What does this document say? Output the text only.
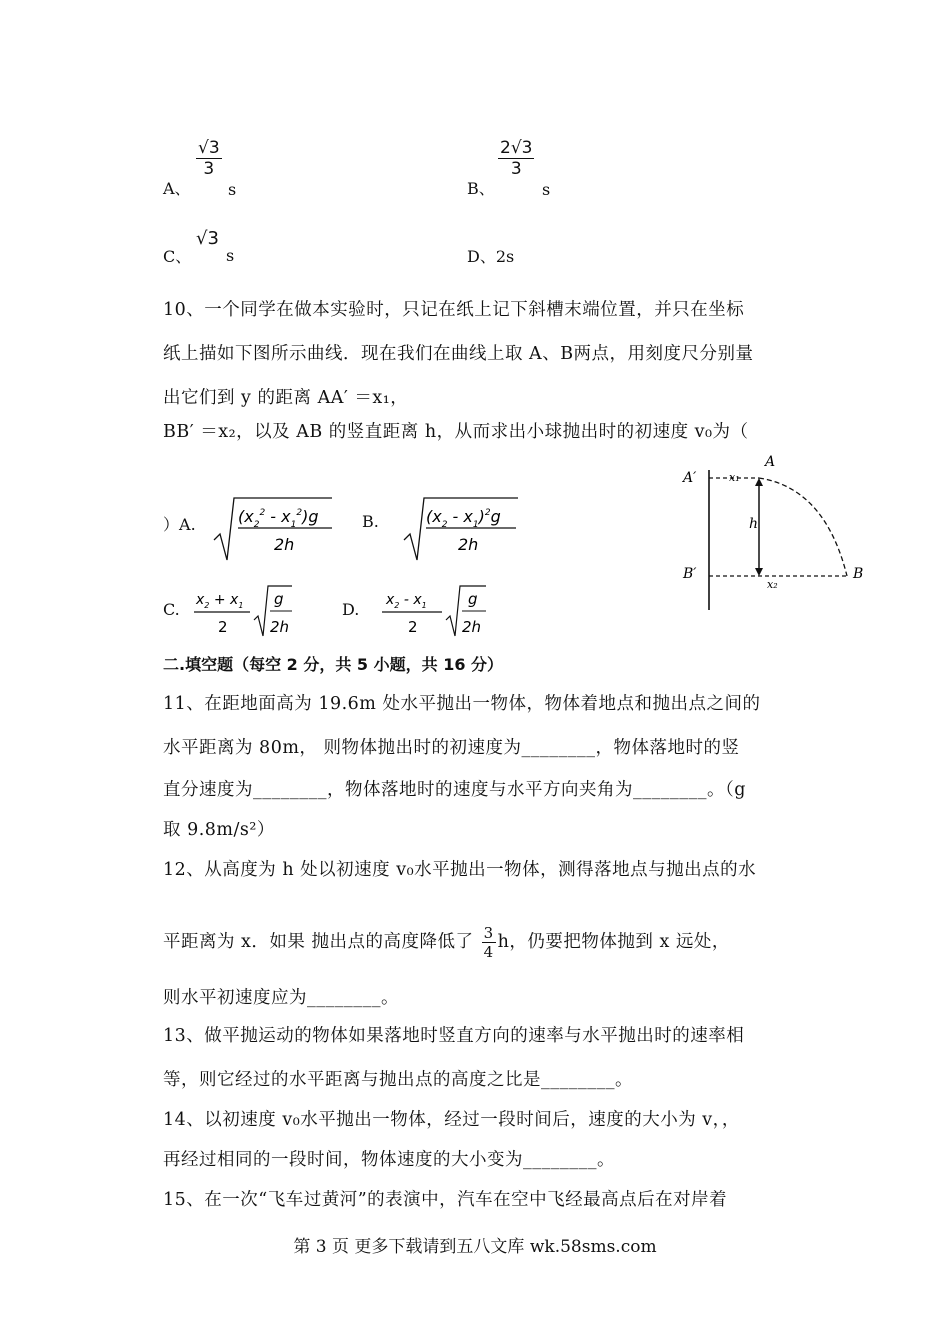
A、
$\frac{√3}{3}$
s	B、
$\frac{2√3}{3}$
s
C、
√3
s	D、2s
10、一个同学在做本实验时，只记在纸上记下斜槽末端位置，并只在坐标
纸上描如下图所示曲线．现在我们在曲线上取 A、B两点，用刻度尺分别量
出它们到 y 的距离 AA′ ＝x₁，
BB′ ＝x₂，以及 AB 的竖直距离 h，从而求出小球抛出时的初速度 v₀为（
）A.	$(x_2^2 - x_1^2)g$
2h
B.	$(x_2 - x_1)^2g$
2h
C. $x_2 + x_1$
2
g
2h
D. $x_2 - x_1$
2
g
2h
A′
B′
A
B
h
x₁
x₂
二.填空题（每空 2 分，共 5 小题，共 16 分）
11、在距地面高为 19.6m 处水平抛出一物体，物体着地点和抛出点之间的
水平距离为 80m， 则物体抛出时的初速度为________，物体落地时的竖
直分速度为________，物体落地时的速度与水平方向夹角为________。（g
取 9.8m/s²）
12、从高度为 h 处以初速度 v₀水平抛出一物体，测得落地点与抛出点的水
平距离为 x．如果 抛出点的高度降低了 $\frac{3}{4}$ h，仍要把物体抛到 x 远处，
则水平初速度应为________。
13、做平抛运动的物体如果落地时竖直方向的速率与水平抛出时的速率相
等，则它经过的水平距离与抛出点的高度之比是________。
14、以初速度 v₀水平抛出一物体，经过一段时间后，速度的大小为 v，，
再经过相同的一段时间，物体速度的大小变为________。
15、在一次“飞车过黄河”的表演中，汽车在空中飞经最高点后在对岸着
第 3 页 更多下载请到五八文库 wk.58sms.com
